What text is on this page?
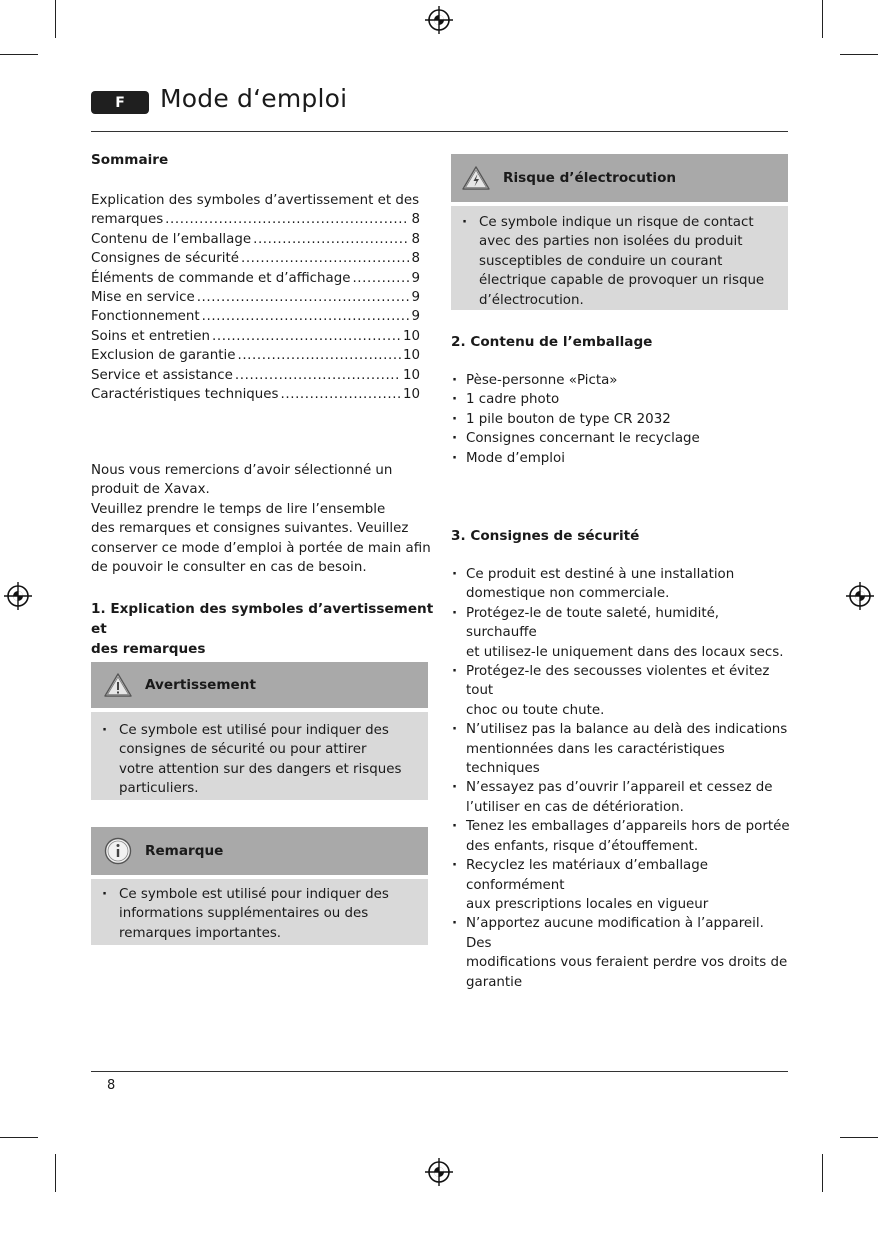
F	Mode d‘emploi
Sommaire
Explication des symboles d’avertissement et des
remarques .....	8
Contenu de l’emballage .....	8
Consignes de sécurité .....	8
Éléments de commande et d’affichage .....	9
Mise en service .....	9
Fonctionnement .....	9
Soins et entretien .....	10
Exclusion de garantie .....	10
Service et assistance .....	10
Caractéristiques techniques .....	10
Nous vous remercions d’avoir sélectionné un
produit de Xavax.
Veuillez prendre le temps de lire l’ensemble
des remarques et consignes suivantes. Veuillez
conserver ce mode d’emploi à portée de main afin
de pouvoir le consulter en cas de besoin.
1. Explication des symboles d’avertissement et
des remarques
Avertissement
· Ce symbole est utilisé pour indiquer des
consignes de sécurité ou pour attirer
votre attention sur des dangers et risques
particuliers.
Remarque
· Ce symbole est utilisé pour indiquer des
informations supplémentaires ou des
remarques importantes.
Risque d’électrocution
· Ce symbole indique un risque de contact
avec des parties non isolées du produit
susceptibles de conduire un courant
électrique capable de provoquer un risque
d’électrocution.
2. Contenu de l’emballage
· Pèse-personne «Picta»
· 1 cadre photo
· 1 pile bouton de type CR 2032
· Consignes concernant le recyclage
· Mode d’emploi
3. Consignes de sécurité
· Ce produit est destiné à une installation
domestique non commerciale.
· Protégez-le de toute saleté, humidité, surchauffe
et utilisez-le uniquement dans des locaux secs.
· Protégez-le des secousses violentes et évitez tout
choc ou toute chute.
· N’utilisez pas la balance au delà des indications
mentionnées dans les caractéristiques techniques
· N’essayez pas d’ouvrir l’appareil et cessez de
l’utiliser en cas de détérioration.
· Tenez les emballages d’appareils hors de portée
des enfants, risque d’étouffement.
· Recyclez les matériaux d’emballage conformément
aux prescriptions locales en vigueur
· N’apportez aucune modification à l’appareil. Des
modifications vous feraient perdre vos droits de
garantie
8
